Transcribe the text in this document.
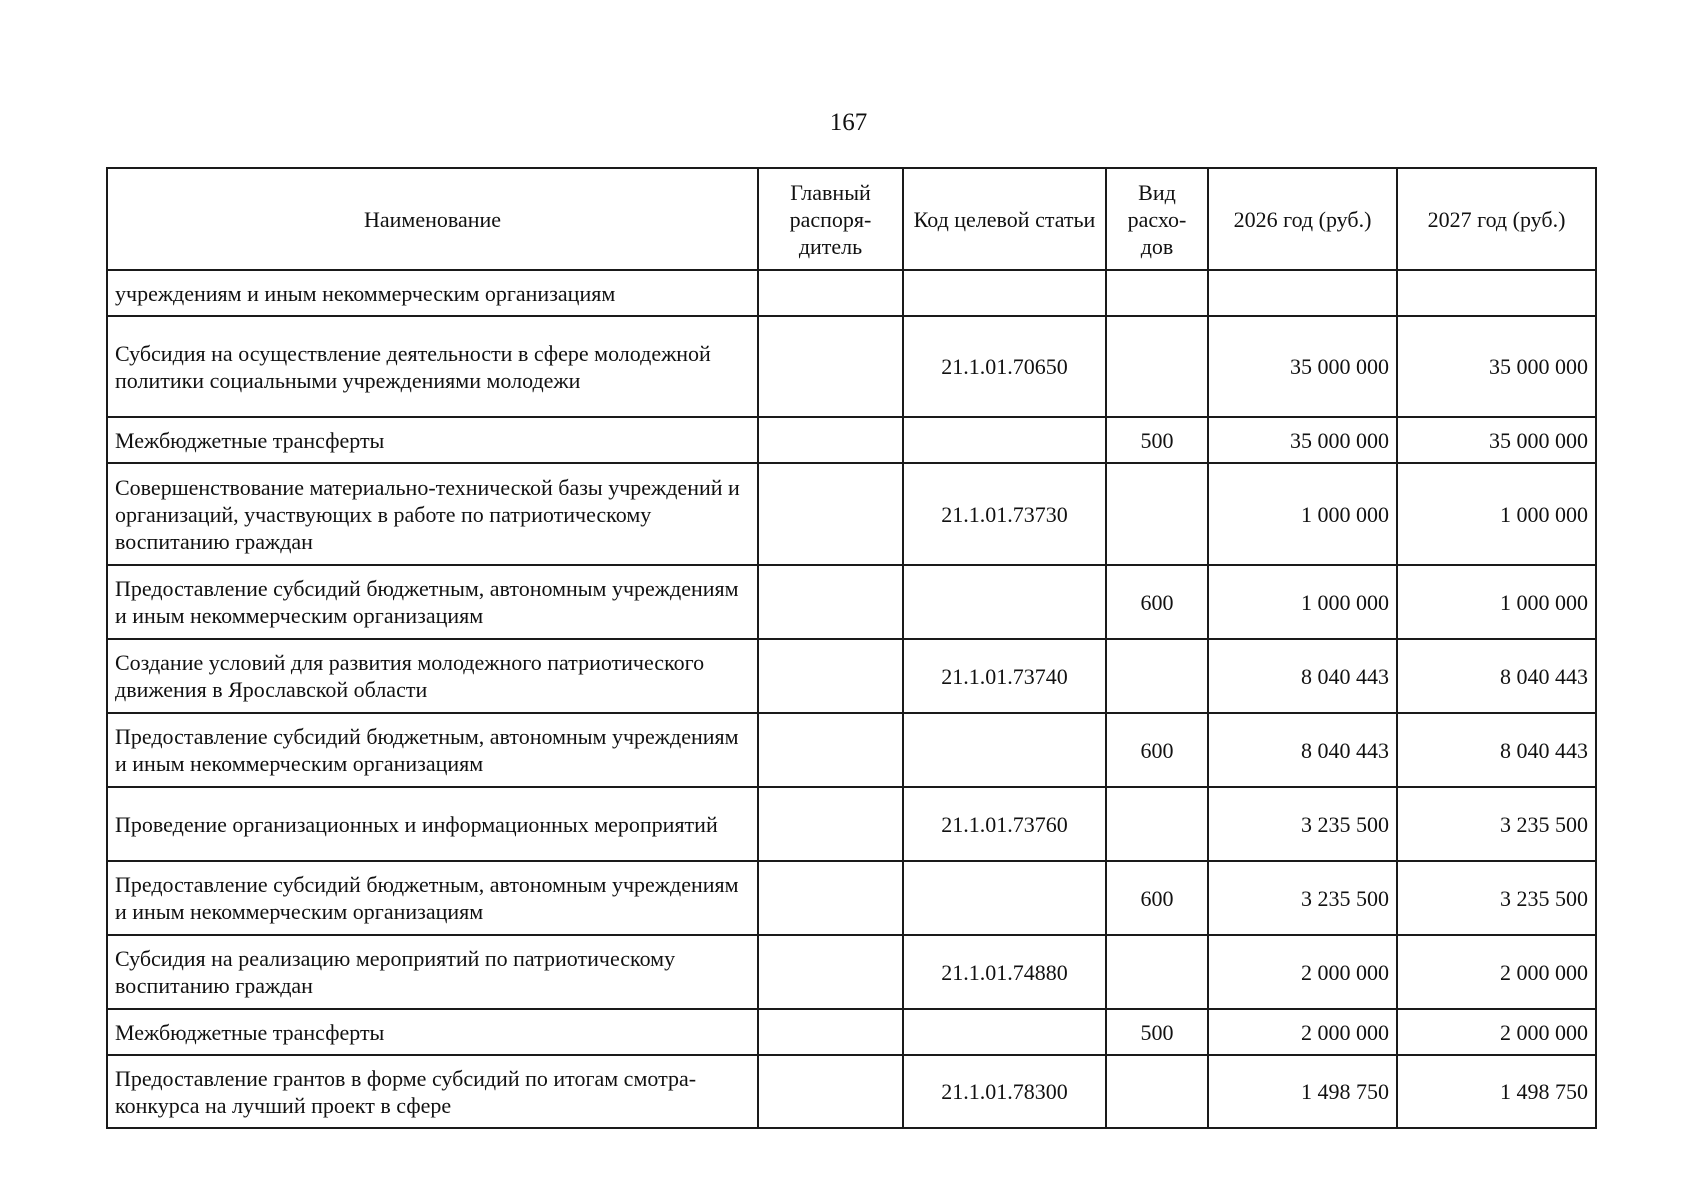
167
Наименование	Главный распоря-дитель	Код целевой статьи	Вид расхо-дов	2026 год (руб.)	2027 год (руб.)
учреждениям и иным некоммерческим организациям					
Субсидия на осуществление деятельности в сфере молодежной политики социальными учреждениями молодежи		21.1.01.70650		35 000 000	35 000 000
Межбюджетные трансферты			500	35 000 000	35 000 000
Совершенствование материально-технической базы учреждений и организаций, участвующих в работе по патриотическому воспитанию граждан		21.1.01.73730		1 000 000	1 000 000
Предоставление субсидий бюджетным, автономным учреждениям и иным некоммерческим организациям			600	1 000 000	1 000 000
Создание условий для развития молодежного патриотического движения в Ярославской области		21.1.01.73740		8 040 443	8 040 443
Предоставление субсидий бюджетным, автономным учреждениям и иным некоммерческим организациям			600	8 040 443	8 040 443
Проведение организационных и информационных мероприятий		21.1.01.73760		3 235 500	3 235 500
Предоставление субсидий бюджетным, автономным учреждениям и иным некоммерческим организациям			600	3 235 500	3 235 500
Субсидия на реализацию мероприятий по патриотическому воспитанию граждан		21.1.01.74880		2 000 000	2 000 000
Межбюджетные трансферты			500	2 000 000	2 000 000
Предоставление грантов в форме субсидий по итогам смотра-конкурса на лучший проект в сфере		21.1.01.78300		1 498 750	1 498 750
